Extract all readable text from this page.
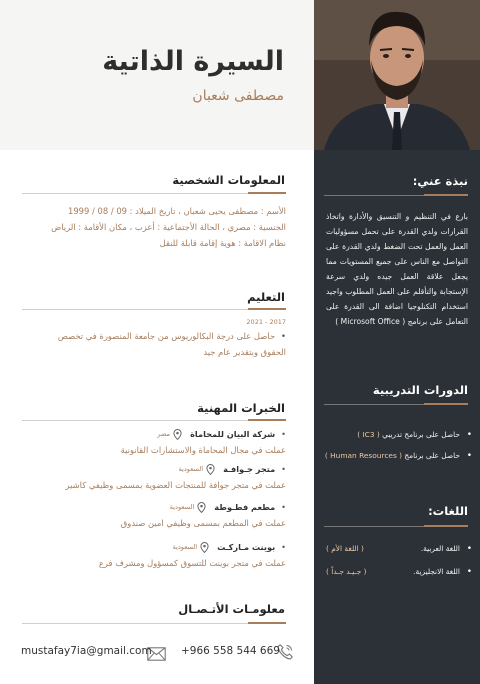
السيرة الذاتية
مصطفى شعبان
نبذة عني:
بارع في التنظيم و التنسيق والأدارة واتخاذ القرارات ولدي القدرة على تحمل مسؤوليات العمل والعمل تحت الضغط ولدي القدرة على التواصل مع الناس على جميع المستويات مما يجعل علاقة العمل جيده ولدي سرعة الإستجابة والتأقلم على العمل المطلوب واجيد استخدام التكنلوجيا اضافة الى القدرة على التعامل على برنامج ( Microsoft Office )
الدورات التدريبية
•
حاصل على برنامج تدريبي ( IC3 )
•
حاصل على برنامج ( Human Resources )
اللغات:
•
اللغة العربية.
( اللغة الأم )
•
اللغة الانجليزية.
( جـيـد جـداً )
المعلومات الشخصية
الأسم : مصطفى يحيى شعبان ، تاريخ الميلاد : 09 / 08 / 1999
الجنسية : مصري ، الحالة الأجتماعية : أعزب ، مكان الأقامة : الرياض
نظام الاقامة : هوية إقامة قابلة للنقل
التعليم
2017 - 2021
•حاصل على درجة البكالوريوس من جامعة المنصورة في تخصص الحقوق وبتقدير عام جيد
الخبرات المهنية
•
شركة البيان للمحاماة
مصر
عملت في مجال المحاماة والاستشارات القانونية
•
متجر جـوافـة
السعودية
عملت في متجر جوافة للمنتجات العضوية بمسمى وظيفي كاشير
•
مطعم فطـوطة
السعودية
عملت في المطعم بمسمى وظيفي امين صندوق
•
بوينت مـاركـت
السعودية
عملت في متجر بوينت للتسوق كمسؤول ومشرف فرع
معلومـات الأتـصـال
+966 558 544 669
mustafay7ia@gmail.com
